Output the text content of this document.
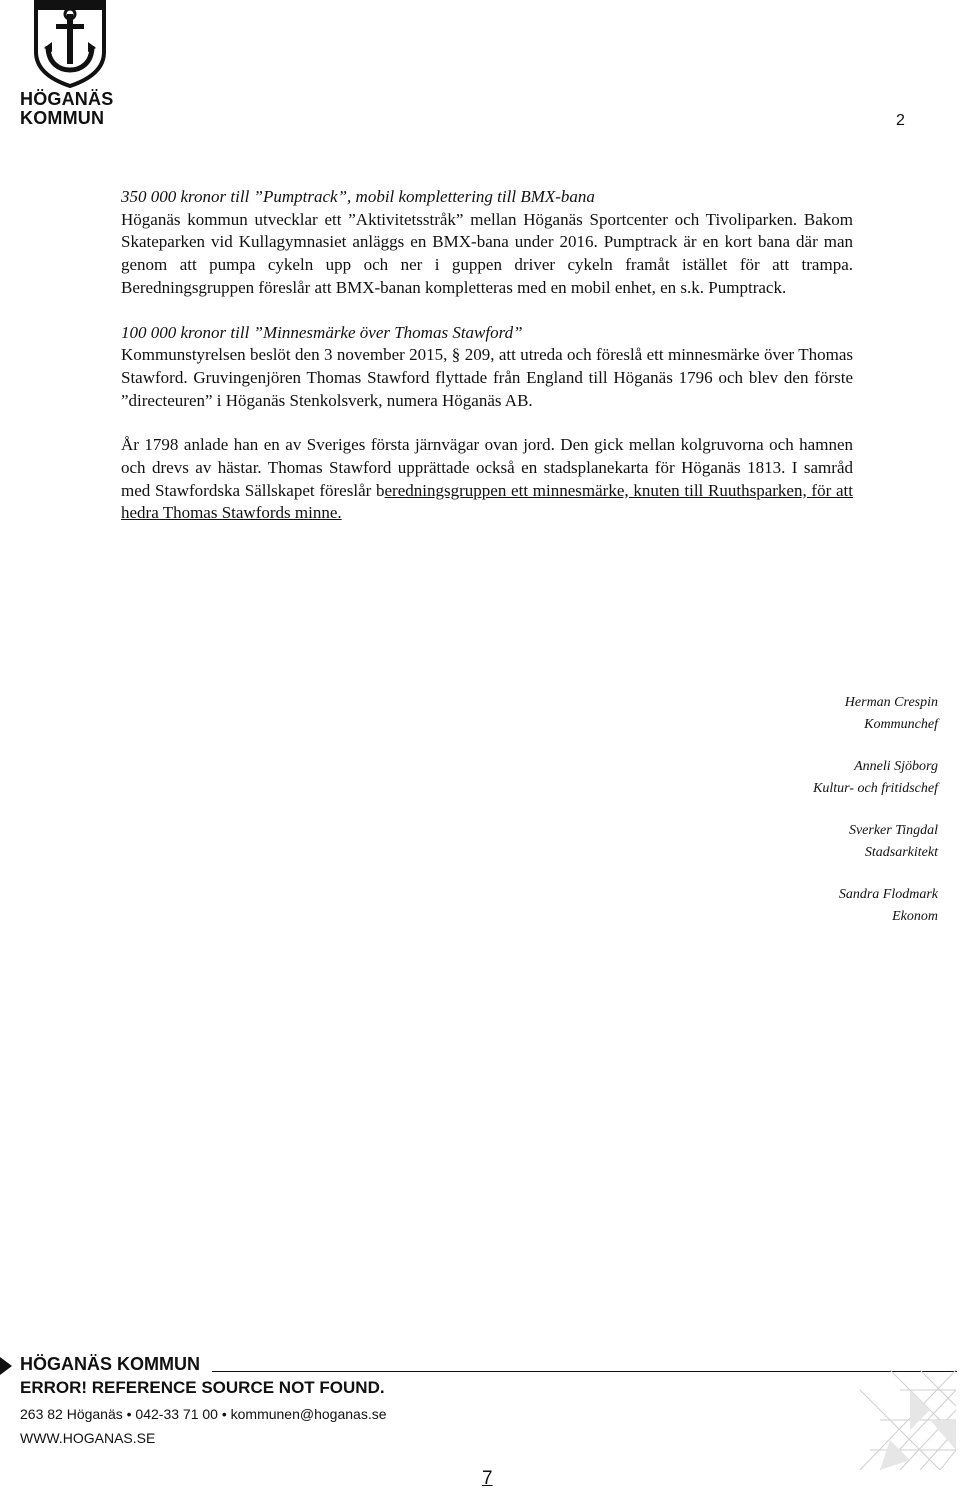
HÖGANÄS
KOMMUN	2
350 000 kronor till ”Pumptrack”, mobil komplettering till BMX-bana

Höganäs kommun utvecklar ett ”Aktivitetsstråk” mellan Höganäs Sportcenter och Tivoliparken. Bakom Skateparken vid Kullagymnasiet anläggs en BMX-bana under 2016. Pumptrack är en kort bana där man genom att pumpa cykeln upp och ner i guppen driver cykeln framåt istället för att trampa. Beredningsgruppen föreslår att BMX-banan kompletteras med en mobil enhet, en s.k. Pumptrack.

100 000 kronor till ”Minnesmärke över Thomas Stawford”

Kommunstyrelsen beslöt den 3 november 2015, § 209, att utreda och föreslå ett minnesmärke över Thomas Stawford. Gruvingenjören Thomas Stawford flyttade från England till Höganäs 1796 och blev den förste ”directeuren” i Höganäs Stenkolsverk, numera Höganäs AB.

År 1798 anlade han en av Sveriges första järnvägar ovan jord. Den gick mellan kolgruvorna och hamnen och drevs av hästar. Thomas Stawford upprättade också en stadsplanekarta för Höganäs 1813. I samråd med Stawfordska Sällskapet föreslår beredningsgruppen ett minnesmärke, knuten till Ruuthsparken, för att hedra Thomas Stawfords minne.

Herman Crespin
Kommunchef
Anneli Sjöborg
Kultur- och fritidschef
Sverker Tingdal
Stadsarkitekt
Sandra Flodmark
Ekonom
HÖGANÄS KOMMUN
ERROR! REFERENCE SOURCE NOT FOUND.
263 82 Höganäs • 042-33 71 00 • kommunen@hoganas.se
WWW.HOGANAS.SE
7
